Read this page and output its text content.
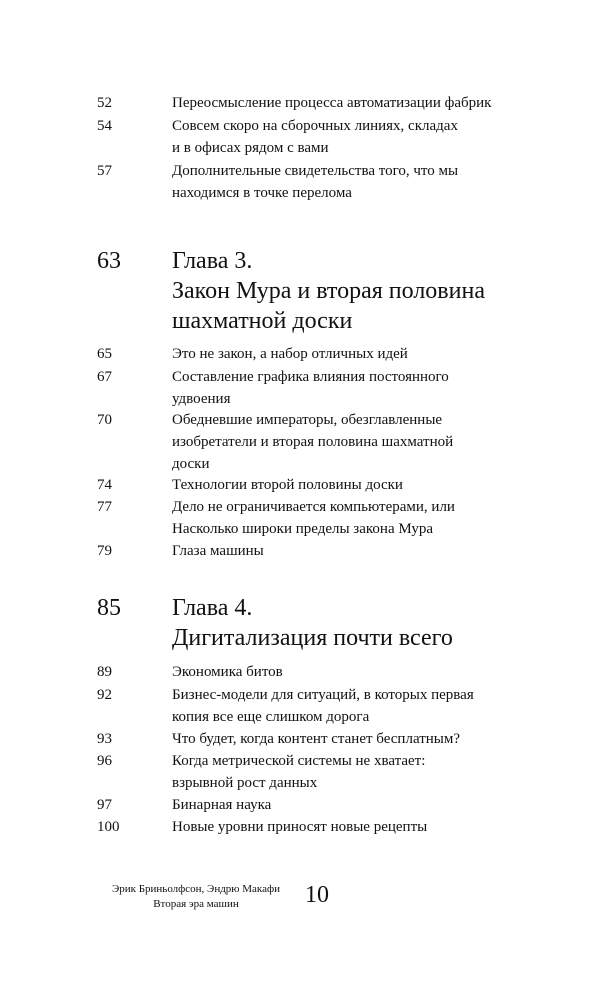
52	Переосмысление процесса автоматизации фабрик
54	Совсем скоро на сборочных линиях, складах
и в офисах рядом с вами
57	Дополнительные свидетельства того, что мы
находимся в точке перелома
63 Глава 3.
Закон Мура и вторая половина
шахматной доски
65	Это не закон, а набор отличных идей
67	Составление графика влияния постоянного
удвоения
70	Обедневшие императоры, обезглавленные
изобретатели и вторая половина шахматной
доски
74	Технологии второй половины доски
77	Дело не ограничивается компьютерами, или
Насколько широки пределы закона Мура
79	Глаза машины
85 Глава 4.
Дигитализация почти всего
89	Экономика битов
92	Бизнес-модели для ситуаций, в которых первая
копия все еще слишком дорога
93	Что будет, когда контент станет бесплатным?
96	Когда метрической системы не хватает:
взрывной рост данных
97	Бинарная наука
100	Новые уровни приносят новые рецепты
Эрик Бриньолфсон, Эндрю Макафи
Вторая эра машин	10
